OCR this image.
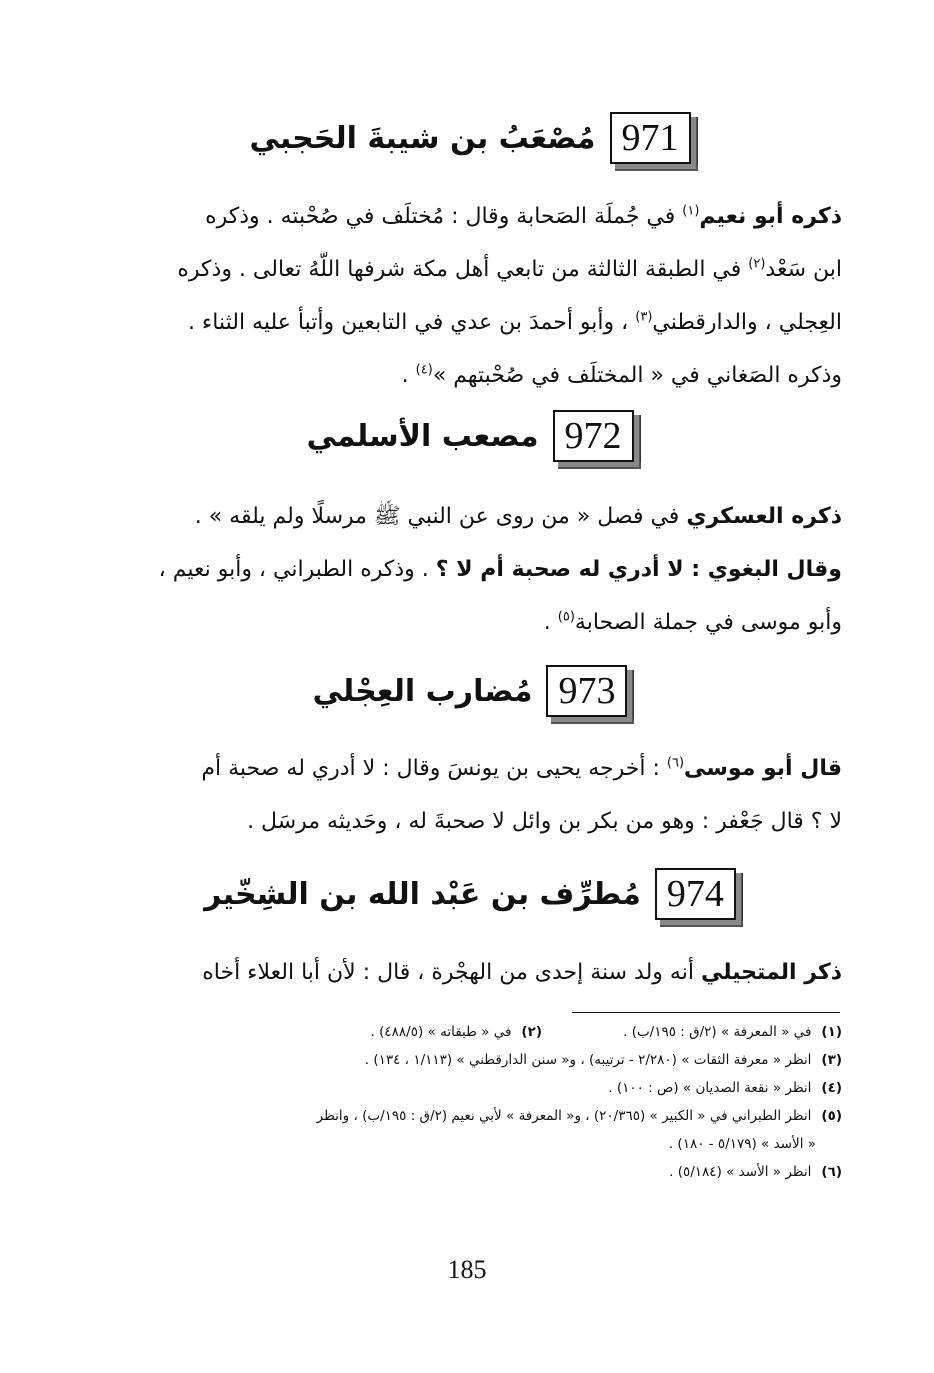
971
مُصْعَبُ بن شيبةَ الحَجبي
ذكره أبو نعيم$^{(١)}$ في جُملَة الصَحابة وقال : مُختلَف في صُحْبته . وذكره
ابن سَعْد$^{(٢)}$ في الطبقة الثالثة من تابعي أهل مكة شرفها اللّهُ تعالى . وذكره
العِجلي ، والدارقطني$^{(٣)}$ ، وأبو أحمدَ بن عدي في التابعين وأتبأ عليه الثناء .
وذكره الصَغاني في « المختلَف في صُحْبتهم »$^{(٤)}$ .
972
مصعب الأسلمي
ذكره العسكري في فصل « من روى عن النبي ﷺ مرسلًا ولم يلقه » .
وقال البغوي : لا أدري له صحبة أم لا ؟ . وذكره الطبراني ، وأبو نعيم ،
وأبو موسى في جملة الصحابة$^{(٥)}$ .
973
مُضارب العِجْلي
قال أبو موسى$^{(٦)}$ : أخرجه يحيى بن يونسَ وقال : لا أدري له صحبة أم
لا ؟ قال جَعْفر : وهو من بكر بن وائل لا صحبةَ له ، وحَديثه مرسَل .
974
مُطرِّف بن عَبْد الله بن الشِخّير
ذكر المتجيلي أنه ولد سنة إحدى من الهجْرة ، قال : لأن أبا العلاء أخاه
(١)في « المعرفة » (٢/ق : ١٩٥/ب) .
(٢)في « طبقاته » (٤٨٨/٥) .
(٣)انظر « معرفة الثقات » (٢/٢٨٠ - ترتيبه) ، و« سنن الدارقطني » (١/١١٣ ، ١٣٤) .
(٤)انظر « نقعة الصديان » (ص : ١٠٠) .
(٥)انظر الطبراني في « الكبير » (٢٠/٣٦٥) ، و« المعرفة » لأبي نعيم (٢/ق : ١٩٥/ب) ، وانظر
« الأسد » (٥/١٧٩ - ١٨٠) .
(٦)انظر « الأسد » (٥/١٨٤) .
185
